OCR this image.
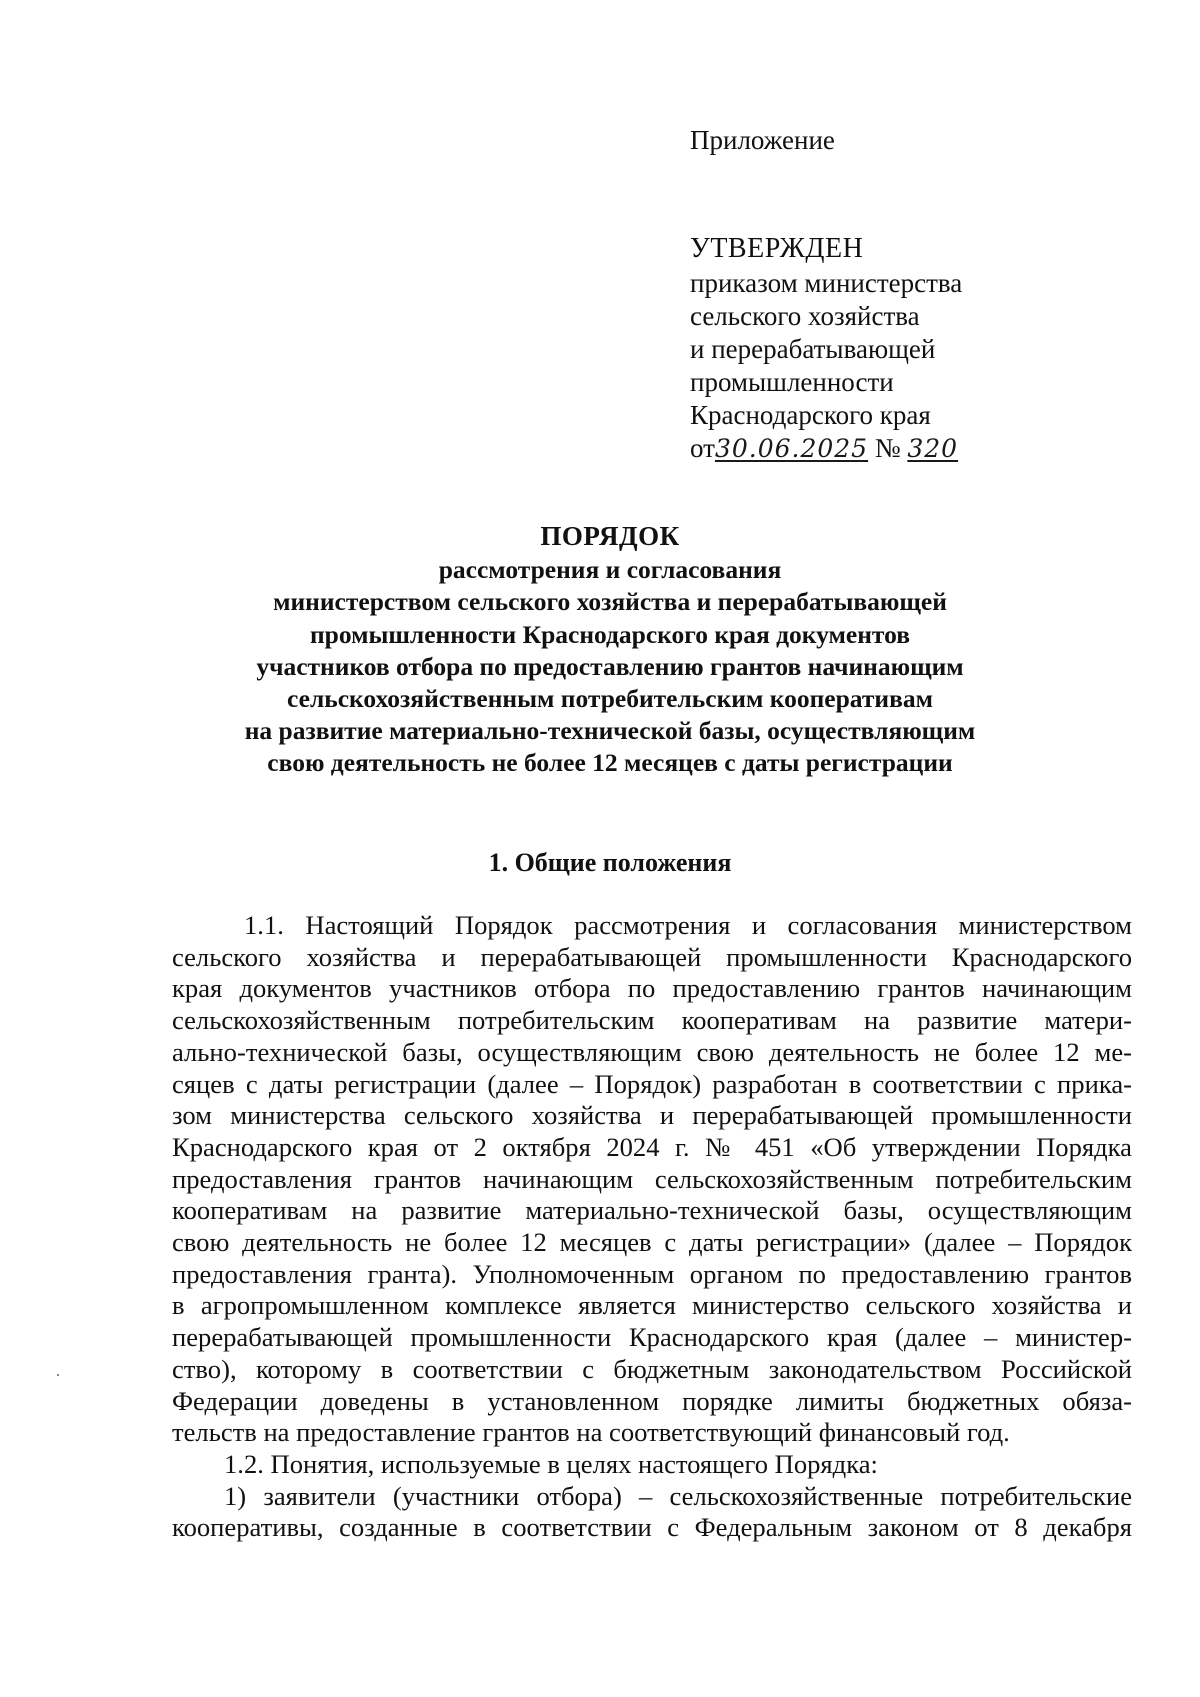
Приложение
УТВЕРЖДЕН
приказом министерства
сельского хозяйства
и перерабатывающей
промышленности
Краснодарского края
от30.06.2025 № 320
ПОРЯДОК
рассмотрения и согласования
министерством сельского хозяйства и перерабатывающей
промышленности Краснодарского края документов
участников отбора по предоставлению грантов начинающим
сельскохозяйственным потребительским кооперативам
на развитие материально-технической базы, осуществляющим
свою деятельность не более 12 месяцев с даты регистрации
1. Общие положения
1.1. Настоящий Порядок рассмотрения и согласования министерством
сельского хозяйства и перерабатывающей промышленности Краснодарского
края документов участников отбора по предоставлению грантов начинающим
сельскохозяйственным потребительским кооперативам на развитие матери-
ально-технической базы, осуществляющим свою деятельность не более 12 ме-
сяцев с даты регистрации (далее – Порядок) разработан в соответствии с прика-
зом министерства сельского хозяйства и перерабатывающей промышленности
Краснодарского края от 2 октября 2024 г. № 451 «Об утверждении Порядка
предоставления грантов начинающим сельскохозяйственным потребительским
кооперативам на развитие материально-технической базы, осуществляющим
свою деятельность не более 12 месяцев с даты регистрации» (далее – Порядок
предоставления гранта). Уполномоченным органом по предоставлению грантов
в агропромышленном комплексе является министерство сельского хозяйства и
перерабатывающей промышленности Краснодарского края (далее – министер-
ство), которому в соответствии с бюджетным законодательством Российской
Федерации доведены в установленном порядке лимиты бюджетных обяза-
тельств на предоставление грантов на соответствующий финансовый год.
1.2. Понятия, используемые в целях настоящего Порядка:
1) заявители (участники отбора) – сельскохозяйственные потребительские
кооперативы, созданные в соответствии с Федеральным законом от 8 декабря
